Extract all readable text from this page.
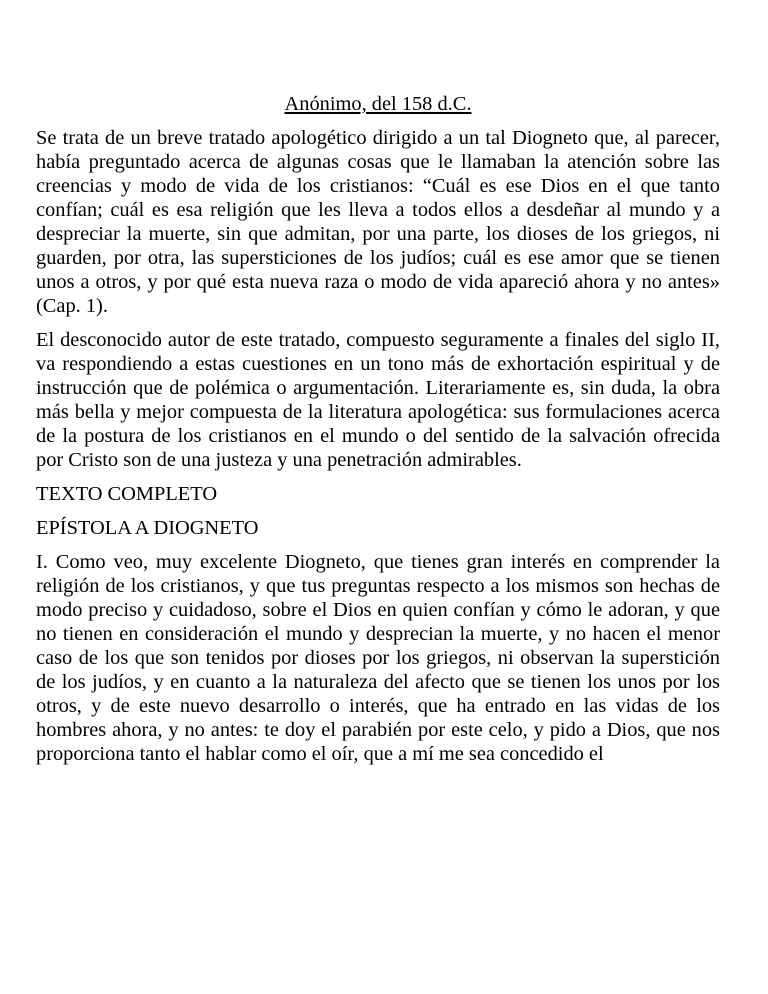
Anónimo, del 158 d.C.

Se trata de un breve tratado apologético dirigido a un tal Diogneto que, al parecer, había preguntado acerca de algunas cosas que le llamaban la atención sobre las creencias y modo de vida de los cristianos: “Cuál es ese Dios en el que tanto confían; cuál es esa religión que les lleva a todos ellos a desdeñar al mundo y a despreciar la muerte, sin que admitan, por una parte, los dioses de los griegos, ni guarden, por otra, las supersticiones de los judíos; cuál es ese amor que se tienen unos a otros, y por qué esta nueva raza o modo de vida apareció ahora y no antes» (Cap. 1).

El desconocido autor de este tratado, compuesto seguramente a finales del siglo II, va respondiendo a estas cuestiones en un tono más de exhortación espiritual y de instrucción que de polémica o argumentación. Literariamente es, sin duda, la obra más bella y mejor compuesta de la literatura apologética: sus formulaciones acerca de la postura de los cristianos en el mundo o del sentido de la salvación ofrecida por Cristo son de una justeza y una penetración admirables.

TEXTO COMPLETO
EPÍSTOLA A DIOGNETO

I. Como veo, muy excelente Diogneto, que tienes gran interés en comprender la religión de los cristianos, y que tus preguntas respecto a los mismos son hechas de modo preciso y cuidadoso, sobre el Dios en quien confían y cómo le adoran, y que no tienen en consideración el mundo y desprecian la muerte, y no hacen el menor caso de los que son tenidos por dioses por los griegos, ni observan la superstición de los judíos, y en cuanto a la naturaleza del afecto que se tienen los unos por los otros, y de este nuevo desarrollo o interés, que ha entrado en las vidas de los hombres ahora, y no antes: te doy el parabién por este celo, y pido a Dios, que nos proporciona tanto el hablar como el oír, que a mí me sea concedido el
